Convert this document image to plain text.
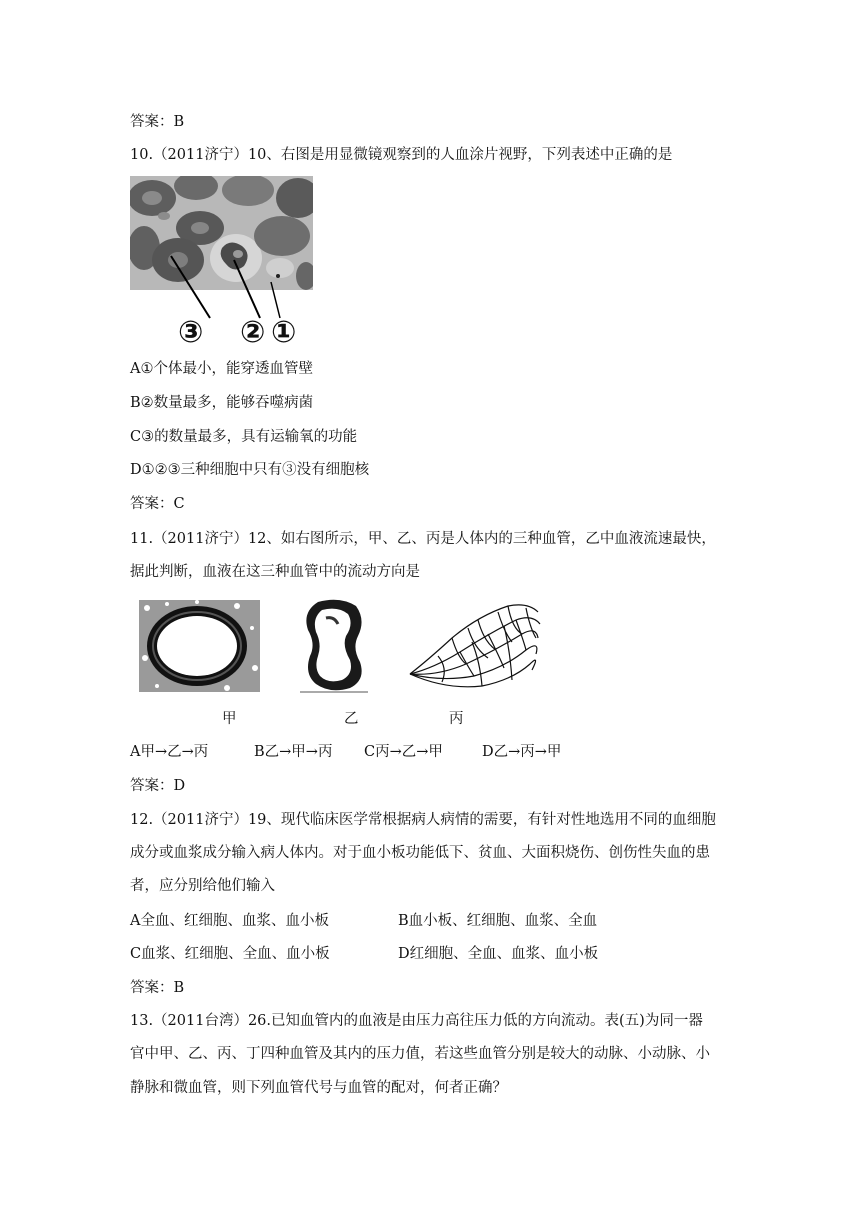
答案：B
10.（2011济宁）10、右图是用显微镜观察到的人血涂片视野，下列表述中正确的是
③ ② ①
A①个体最小，能穿透血管壁
B②数量最多，能够吞噬病菌
C③的数量最多，具有运输氧的功能
D①②③三种细胞中只有③没有细胞核
答案：C
11.（2011济宁）12、如右图所示，甲、乙、丙是人体内的三种血管，乙中血液流速最快，
据此判断，血液在这三种血管中的流动方向是
甲	乙	丙
A甲→乙→丙	B乙→甲→丙 C丙→乙→甲	D乙→丙→甲
答案：D
12.（2011济宁）19、现代临床医学常根据病人病情的需要，有针对性地选用不同的血细胞
成分或血浆成分输入病人体内。对于血小板功能低下、贫血、大面积烧伤、创伤性失血的患
者，应分别给他们输入
A全血、红细胞、血浆、血小板	B血小板、红细胞、血浆、全血
C血浆、红细胞、全血、血小板	D红细胞、全血、血浆、血小板
答案：B
13.（2011台湾）26.已知血管内的血液是由压力高往压力低的方向流动。表(五)为同一器
官中甲、乙、丙、丁四种血管及其内的压力值，若这些血管分别是较大的动脉、小动脉、小
静脉和微血管，则下列血管代号与血管的配对，何者正确？
